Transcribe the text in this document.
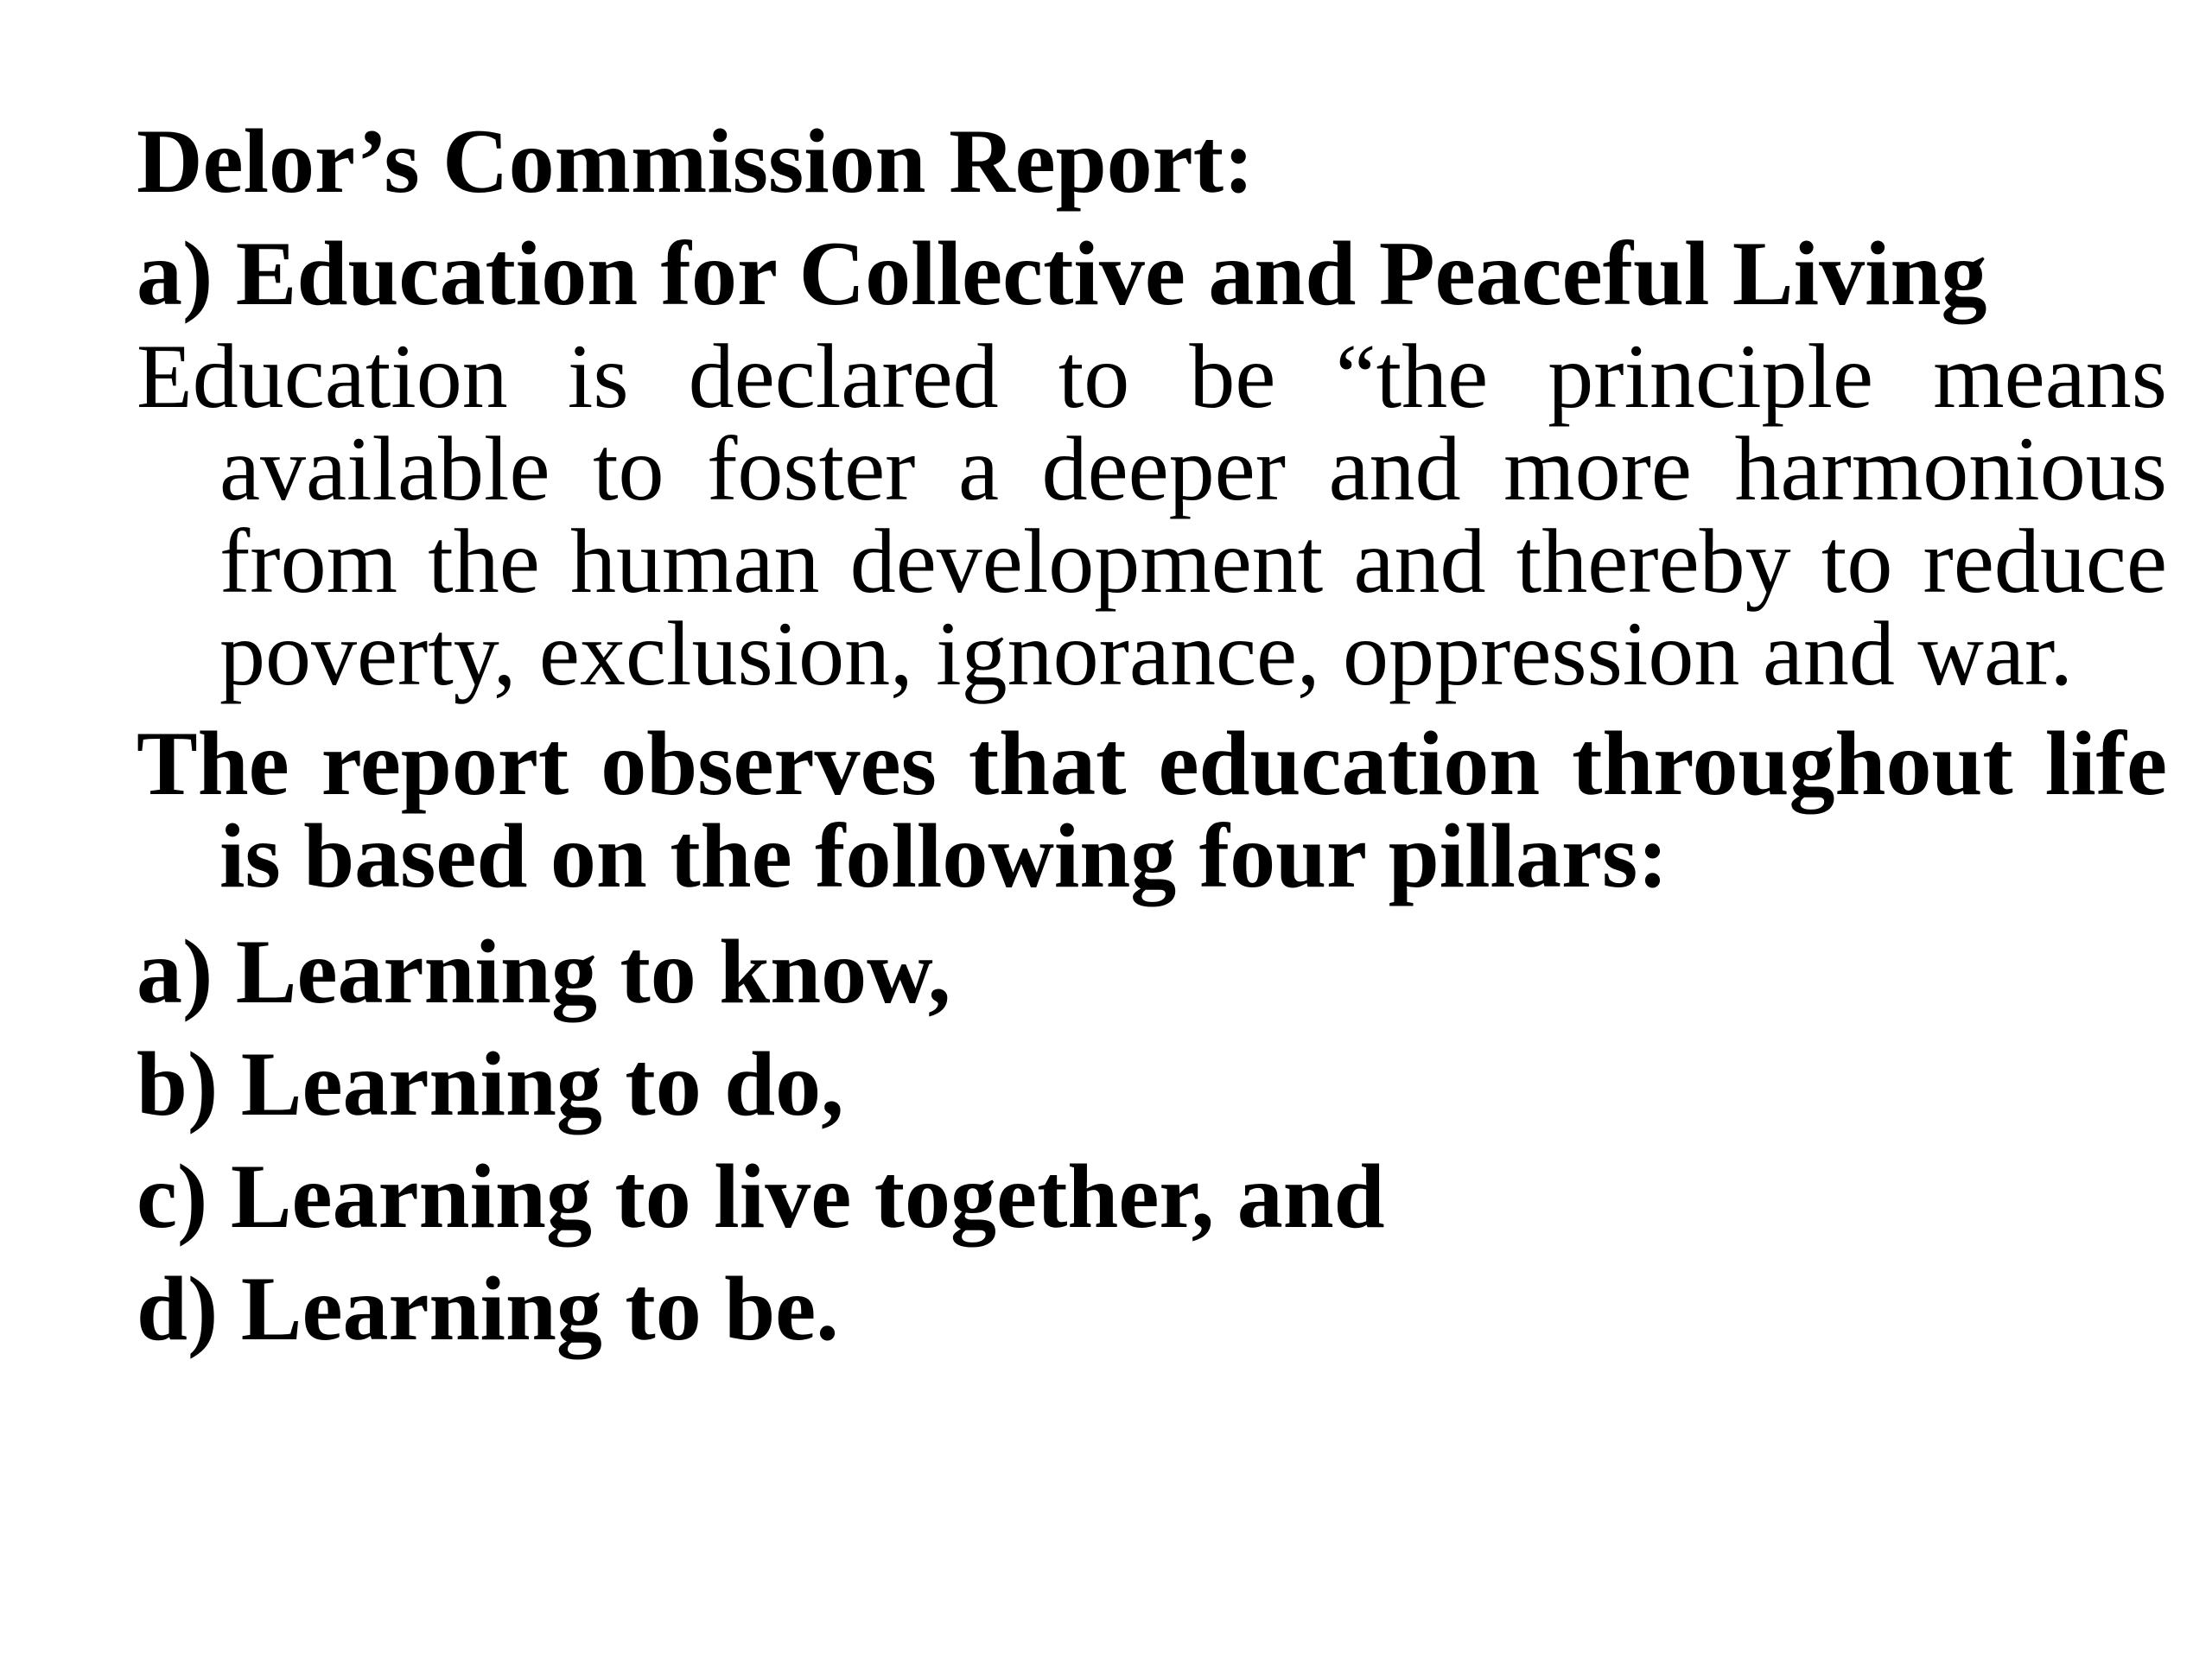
Delor’s Commission Report:
a) Education for Collective and Peaceful Living
Education is declared to be “the principle means available to foster a deeper and more harmonious from the human development and thereby to reduce poverty, exclusion, ignorance, oppression and war.
The report observes that education throughout life is based on the following four pillars:
a) Learning to know,
b) Learning to do,
c) Learning to live together, and
d) Learning to be.
